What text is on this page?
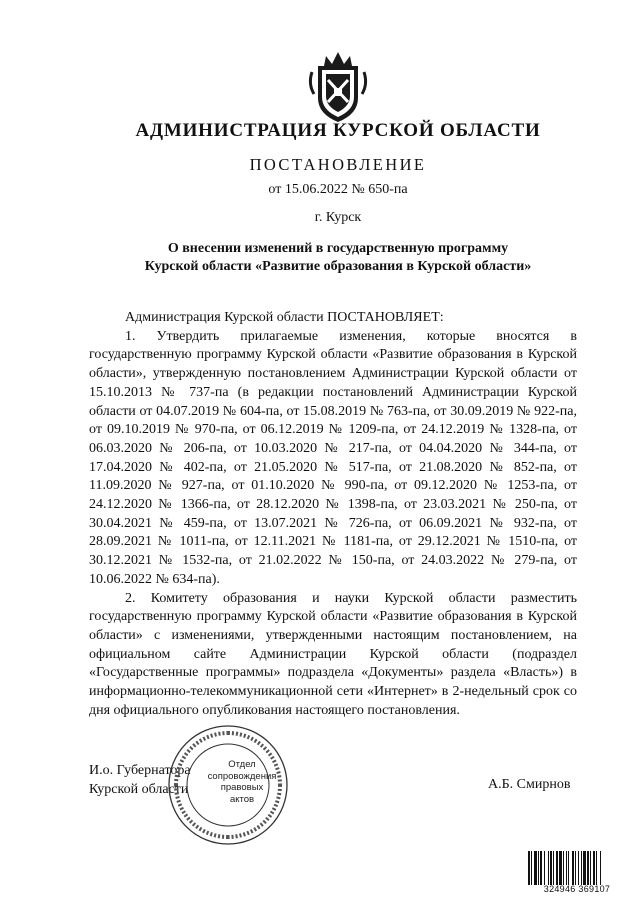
АДМИНИСТРАЦИЯ КУРСКОЙ ОБЛАСТИ
ПОСТАНОВЛЕНИЕ
от 15.06.2022 № 650-па
г. Курск
О внесении изменений в государственную программу
Курской области «Развитие образования в Курской области»

Администрация Курской области ПОСТАНОВЛЯЕТ:

1. Утвердить прилагаемые изменения, которые вносятся в государственную программу Курской области «Развитие образования в Курской области», утвержденную постановлением Администрации Курской области от 15.10.2013 № 737-па (в редакции постановлений Администрации Курской области от 04.07.2019 № 604-па, от 15.08.2019 № 763-па, от 30.09.2019 № 922-па, от 09.10.2019 № 970-па, от 06.12.2019 № 1209-па, от 24.12.2019 № 1328-па, от 06.03.2020 № 206-па, от 10.03.2020 № 217-па, от 04.04.2020 № 344-па, от 17.04.2020 № 402-па, от 21.05.2020 № 517-па, от 21.08.2020 № 852-па, от 11.09.2020 № 927-па, от 01.10.2020 № 990-па, от 09.12.2020 № 1253-па, от 24.12.2020 № 1366-па, от 28.12.2020 № 1398-па, от 23.03.2021 № 250-па, от 30.04.2021 № 459-па, от 13.07.2021 № 726-па, от 06.09.2021 № 932-па, от 28.09.2021 № 1011-па, от 12.11.2021 № 1181-па, от 29.12.2021 № 1510-па, от 30.12.2021 № 1532-па, от 21.02.2022 № 150-па, от 24.03.2022 № 279-па, от 10.06.2022 № 634-па).

2. Комитету образования и науки Курской области разместить государственную программу Курской области «Развитие образования в Курской области» с изменениями, утвержденными настоящим постановлением, на официальном сайте Администрации Курской области (подраздел «Государственные программы» подраздела «Документы» раздела «Власть») в информационно-телекоммуникационной сети «Интернет» в 2-недельный срок со дня официального опубликования настоящего постановления.

И.о. Губернатора
Курской области	А.Б. Смирнов
Отдел
сопровождения
правовых
актов
324946 369107
